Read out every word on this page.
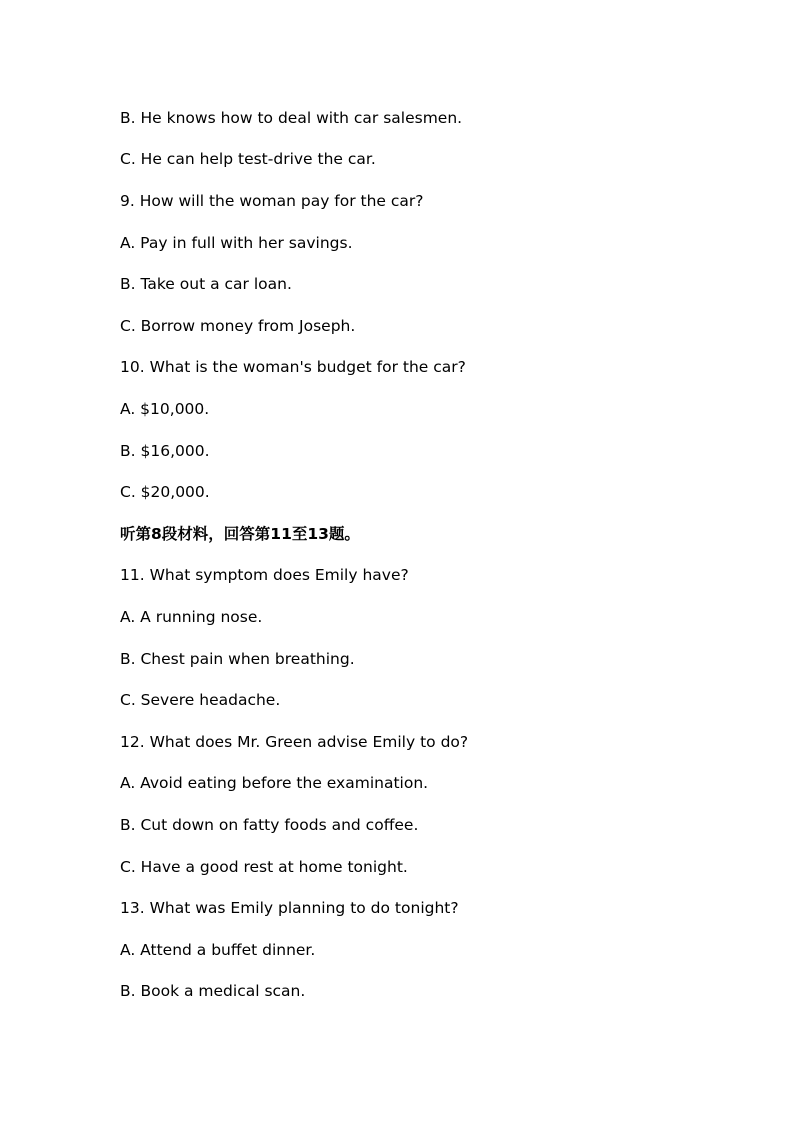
B. He knows how to deal with car salesmen.
C. He can help test-drive the car.
9. How will the woman pay for the car?
A. Pay in full with her savings.
B. Take out a car loan.
C. Borrow money from Joseph.
10. What is the woman's budget for the car?
A. $10,000.
B. $16,000.
C. $20,000.
听第8段材料，回答第11至13题。
11. What symptom does Emily have?
A. A running nose.
B. Chest pain when breathing.
C. Severe headache.
12. What does Mr. Green advise Emily to do?
A. Avoid eating before the examination.
B. Cut down on fatty foods and coffee.
C. Have a good rest at home tonight.
13. What was Emily planning to do tonight?
A. Attend a buffet dinner.
B. Book a medical scan.
